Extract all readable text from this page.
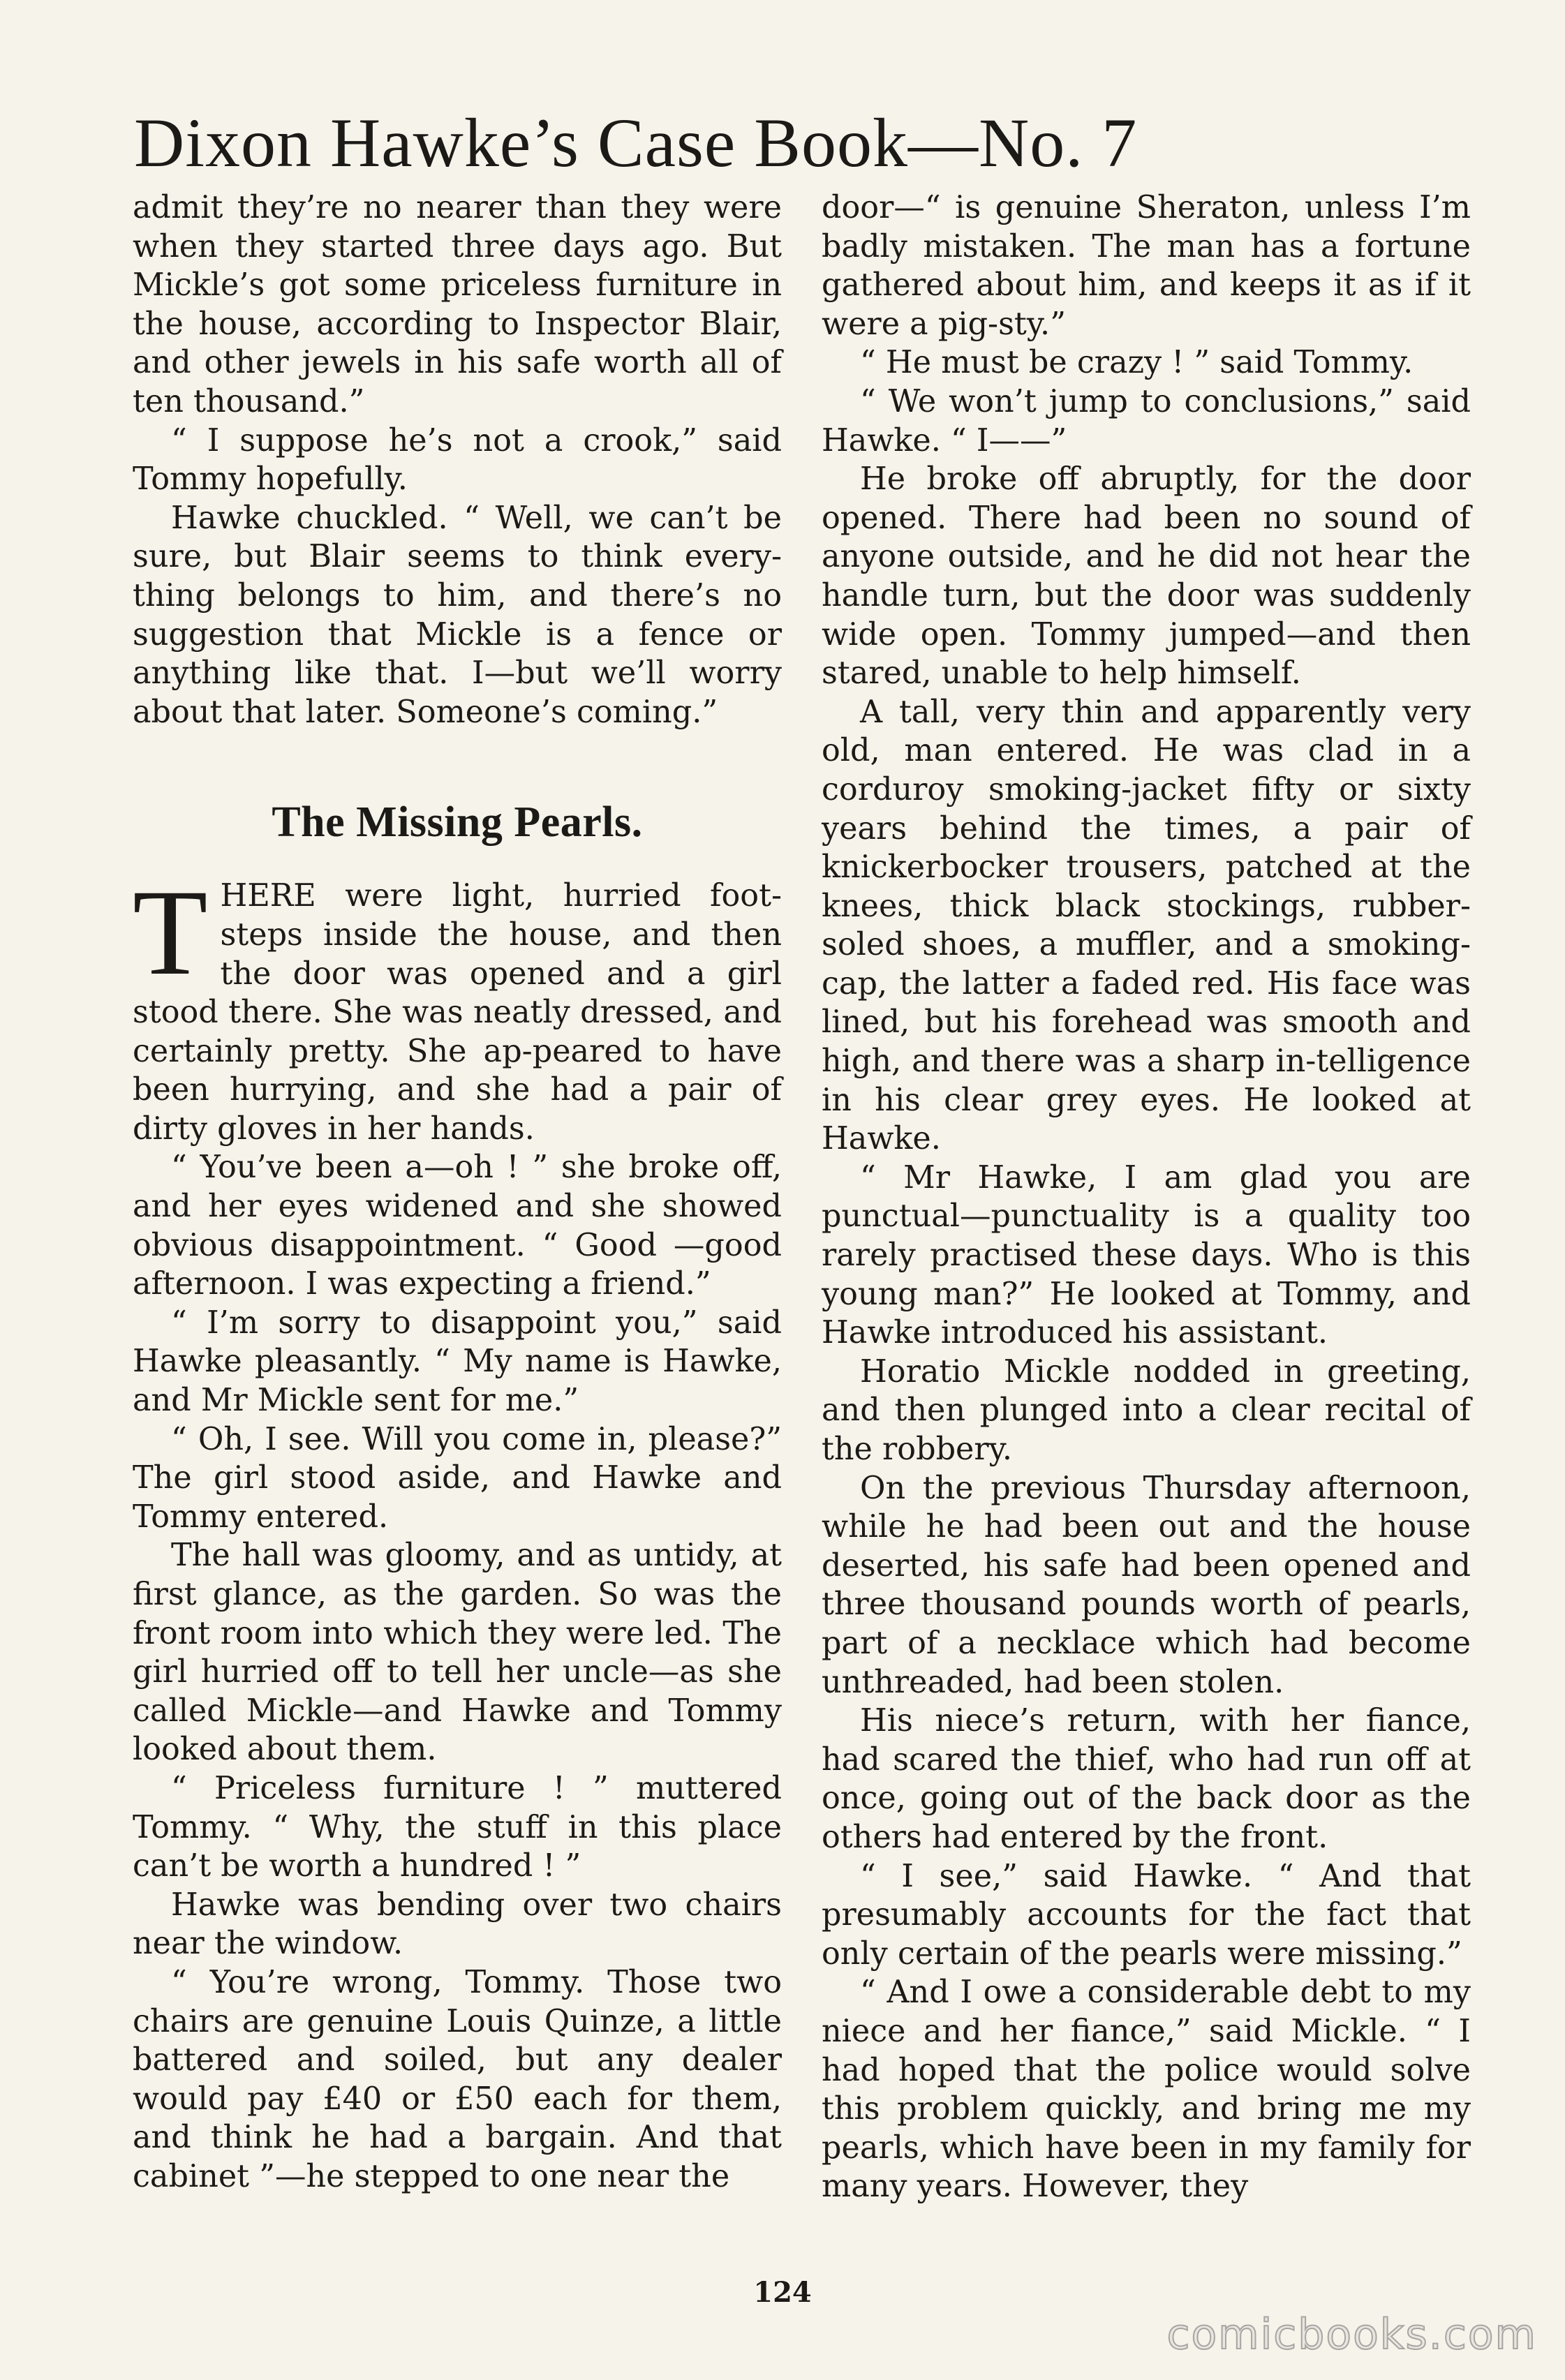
Dixon Hawke’s Case Book—No. 7

admit they’re no nearer than they were when they started three days ago. But Mickle’s got some priceless furniture in the house, according to Inspector Blair, and other jewels in his safe worth all of ten thousand.”

“ I suppose he’s not a crook,” said Tommy hopefully.

Hawke chuckled. “ Well, we can’t be sure, but Blair seems to think every-thing belongs to him, and there’s no suggestion that Mickle is a fence or anything like that. I—but we’ll worry about that later. Someone’s coming.”

The Missing Pearls.

THERE were light, hurried foot-steps inside the house, and then the door was opened and a girl stood there. She was neatly dressed, and certainly pretty. She ap-peared to have been hurrying, and she had a pair of dirty gloves in her hands.

“ You’ve been a—oh ! ” she broke off, and her eyes widened and she showed obvious disappointment. “ Good —good afternoon. I was expecting a friend.”

“ I’m sorry to disappoint you,” said Hawke pleasantly. “ My name is Hawke, and Mr Mickle sent for me.”

“ Oh, I see. Will you come in, please?” The girl stood aside, and Hawke and Tommy entered.

The hall was gloomy, and as untidy, at first glance, as the garden. So was the front room into which they were led. The girl hurried off to tell her uncle—as she called Mickle—and Hawke and Tommy looked about them.

“ Priceless furniture ! ” muttered Tommy. “ Why, the stuff in this place can’t be worth a hundred ! ”

Hawke was bending over two chairs near the window.

“ You’re wrong, Tommy. Those two chairs are genuine Louis Quinze, a little battered and soiled, but any dealer would pay £40 or £50 each for them, and think he had a bargain. And that cabinet ”—he stepped to one near the

door—“ is genuine Sheraton, unless I’m badly mistaken. The man has a fortune gathered about him, and keeps it as if it were a pig-sty.”

“ He must be crazy ! ” said Tommy.

“ We won’t jump to conclusions,” said Hawke. “ I——”

He broke off abruptly, for the door opened. There had been no sound of anyone outside, and he did not hear the handle turn, but the door was suddenly wide open. Tommy jumped—and then stared, unable to help himself.

A tall, very thin and apparently very old, man entered. He was clad in a corduroy smoking-jacket fifty or sixty years behind the times, a pair of knickerbocker trousers, patched at the knees, thick black stockings, rubber-soled shoes, a muffler, and a smoking-cap, the latter a faded red. His face was lined, but his forehead was smooth and high, and there was a sharp in-telligence in his clear grey eyes. He looked at Hawke.

“ Mr Hawke, I am glad you are punctual—punctuality is a quality too rarely practised these days. Who is this young man?” He looked at Tommy, and Hawke introduced his assistant.

Horatio Mickle nodded in greeting, and then plunged into a clear recital of the robbery.

On the previous Thursday afternoon, while he had been out and the house deserted, his safe had been opened and three thousand pounds worth of pearls, part of a necklace which had become unthreaded, had been stolen.

His niece’s return, with her fiance, had scared the thief, who had run off at once, going out of the back door as the others had entered by the front.

“ I see,” said Hawke. “ And that presumably accounts for the fact that only certain of the pearls were missing.”

“ And I owe a considerable debt to my niece and her fiance,” said Mickle. “ I had hoped that the police would solve this problem quickly, and bring me my pearls, which have been in my family for many years. However, they

124
comicbooks.com
